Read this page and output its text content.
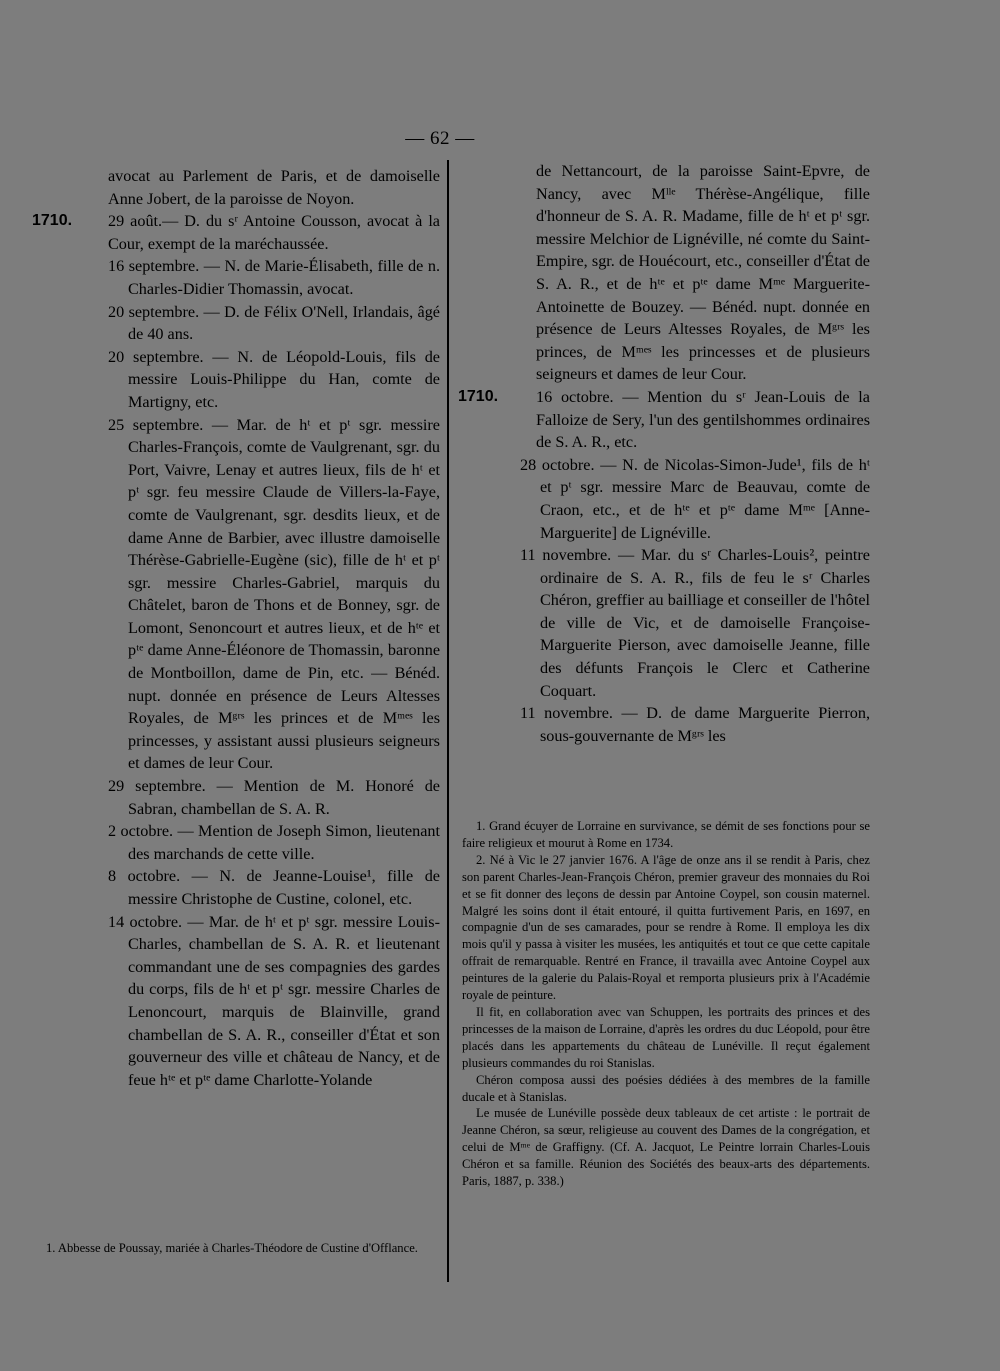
— 62 —
avocat au Parlement de Paris, et de damoiselle Anne Jobert, de la paroisse de Noyon.
1710. 29 août.— D. du sʳ Antoine Cousson, avocat à la Cour, exempt de la maréchaussée.
16 septembre. — N. de Marie-Élisabeth, fille de n. Charles-Didier Thomassin, avocat.
20 septembre. — D. de Félix O'Nell, Irlandais, âgé de 40 ans.
20 septembre. — N. de Léopold-Louis, fils de messire Louis-Philippe du Han, comte de Martigny, etc.
25 septembre. — Mar. de hᵗ et pᵗ sgr. messire Charles-François, comte de Vaulgrenant, sgr. du Port, Vaivre, Lenay et autres lieux, fils de hᵗ et pᵗ sgr. feu messire Claude de Villers-la-Faye, comte de Vaulgrenant, sgr. desdits lieux, et de dame Anne de Barbier, avec illustre damoiselle Thérèse-Gabrielle-Eugène (sic), fille de hᵗ et pᵗ sgr. messire Charles-Gabriel, marquis du Châtelet, baron de Thons et de Bonney, sgr. de Lomont, Senoncourt et autres lieux, et de hᵗᵉ et pᵗᵉ dame Anne-Éléonore de Thomassin, baronne de Montboillon, dame de Pin, etc. — Bénéd. nupt. donnée en présence de Leurs Altesses Royales, de Mᵍʳˢ les princes et de Mᵐᵉˢ les princesses, y assistant aussi plusieurs seigneurs et dames de leur Cour.
29 septembre. — Mention de M. Honoré de Sabran, chambellan de S. A. R.
2 octobre. — Mention de Joseph Simon, lieutenant des marchands de cette ville.
8 octobre. — N. de Jeanne-Louise¹, fille de messire Christophe de Custine, colonel, etc.
14 octobre. — Mar. de hᵗ et pᵗ sgr. messire Louis-Charles, chambellan de S. A. R. et lieutenant commandant une de ses compagnies des gardes du corps, fils de hᵗ et pᵗ sgr. messire Charles de Lenoncourt, marquis de Blainville, grand chambellan de S. A. R., conseiller d'État et son gouverneur des ville et château de Nancy, et de feue hᵗᵉ et pᵗᵉ dame Charlotte-Yolande
de Nettancourt, de la paroisse Saint-Epvre, de Nancy, avec Mˡˡᵉ Thérèse-Angélique, fille d'honneur de S. A. R. Madame, fille de hᵗ et pᵗ sgr. messire Melchior de Lignéville, né comte du Saint-Empire, sgr. de Houécourt, etc., conseiller d'État de S. A. R., et de hᵗᵉ et pᵗᵉ dame Mᵐᵉ Marguerite-Antoinette de Bouzey. — Bénéd. nupt. donnée en présence de Leurs Altesses Royales, de Mᵍʳˢ les princes, de Mᵐᵉˢ les princesses et de plusieurs seigneurs et dames de leur Cour.
1710. 16 octobre. — Mention du sʳ Jean-Louis de la Falloize de Sery, l'un des gentilshommes ordinaires de S. A. R., etc.
28 octobre. — N. de Nicolas-Simon-Jude¹, fils de hᵗ et pᵗ sgr. messire Marc de Beauvau, comte de Craon, etc., et de hᵗᵉ et pᵗᵉ dame Mᵐᵉ [Anne-Marguerite] de Lignéville.
11 novembre. — Mar. du sʳ Charles-Louis², peintre ordinaire de S. A. R., fils de feu le sʳ Charles Chéron, greffier au bailliage et conseiller de l'hôtel de ville de Vic, et de damoiselle Françoise-Marguerite Pierson, avec damoiselle Jeanne, fille des défunts François le Clerc et Catherine Coquart.
11 novembre. — D. de dame Marguerite Pierron, sous-gouvernante de Mᵍʳˢ les

1. Abbesse de Poussay, mariée à Charles-Théodore de Custine d'Offlance.

1. Grand écuyer de Lorraine en survivance, se démit de ses fonctions pour se faire religieux et mourut à Rome en 1734.

2. Né à Vic le 27 janvier 1676. A l'âge de onze ans il se rendit à Paris, chez son parent Charles-Jean-François Chéron, premier graveur des monnaies du Roi et se fit donner des leçons de dessin par Antoine Coypel, son cousin maternel. Malgré les soins dont il était entouré, il quitta furtivement Paris, en 1697, en compagnie d'un de ses camarades, pour se rendre à Rome. Il employa les dix mois qu'il y passa à visiter les musées, les antiquités et tout ce que cette capitale offrait de remarquable. Rentré en France, il travailla avec Antoine Coypel aux peintures de la galerie du Palais-Royal et remporta plusieurs prix à l'Académie royale de peinture.

Il fit, en collaboration avec van Schuppen, les portraits des princes et des princesses de la maison de Lorraine, d'après les ordres du duc Léopold, pour être placés dans les appartements du château de Lunéville. Il reçut également plusieurs commandes du roi Stanislas.

Chéron composa aussi des poésies dédiées à des membres de la famille ducale et à Stanislas.

Le musée de Lunéville possède deux tableaux de cet artiste : le portrait de Jeanne Chéron, sa sœur, religieuse au couvent des Dames de la congrégation, et celui de Mᵐᵉ de Graffigny. (Cf. A. Jacquot, Le Peintre lorrain Charles-Louis Chéron et sa famille. Réunion des Sociétés des beaux-arts des départements. Paris, 1887, p. 338.)
